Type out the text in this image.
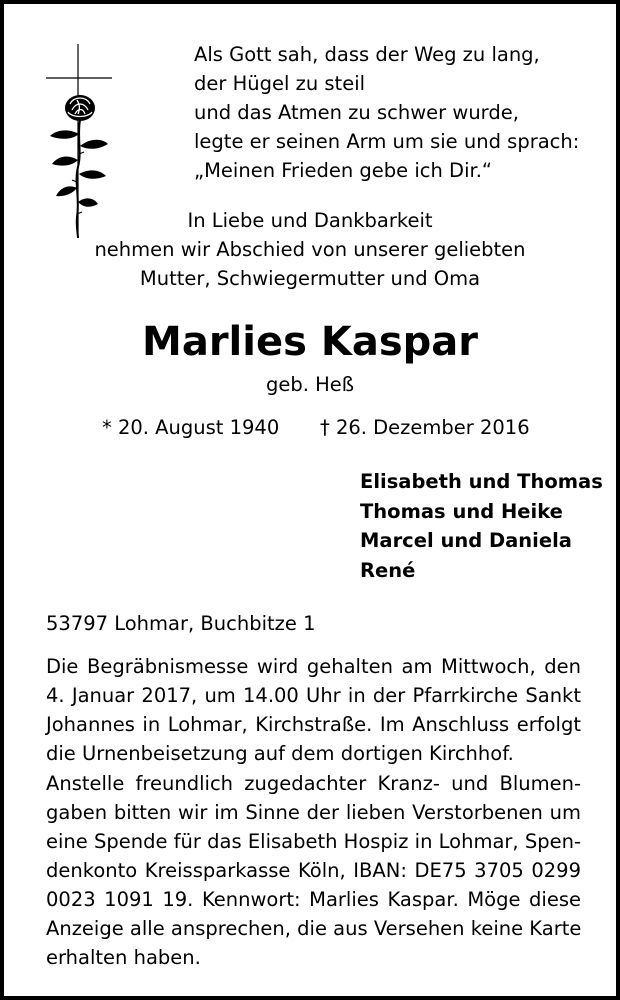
Als Gott sah, dass der Weg zu lang,
der Hügel zu steil
und das Atmen zu schwer wurde,
legte er seinen Arm um sie und sprach:
„Meinen Frieden gebe ich Dir.“
In Liebe und Dankbarkeit
nehmen wir Abschied von unserer geliebten
Mutter, Schwiegermutter und Oma
Marlies Kaspar
geb. Heß
* 20. August 1940 † 26. Dezember 2016
Elisabeth und Thomas
Thomas und Heike
Marcel und Daniela
René
53797 Lohmar, Buchbitze 1
Die Begräbnismesse wird gehalten am Mittwoch, den
4. Januar 2017, um 14.00 Uhr in der Pfarrkirche Sankt
Johannes in Lohmar, Kirchstraße. Im Anschluss erfolgt
die Urnenbeisetzung auf dem dortigen Kirchhof.
Anstelle freundlich zugedachter Kranz- und Blumen-
gaben bitten wir im Sinne der lieben Verstorbenen um
eine Spende für das Elisabeth Hospiz in Lohmar, Spen-
denkonto Kreissparkasse Köln, IBAN: DE75 3705 0299
0023 1091 19. Kennwort: Marlies Kaspar. Möge diese
Anzeige alle ansprechen, die aus Versehen keine Karte
erhalten haben.
